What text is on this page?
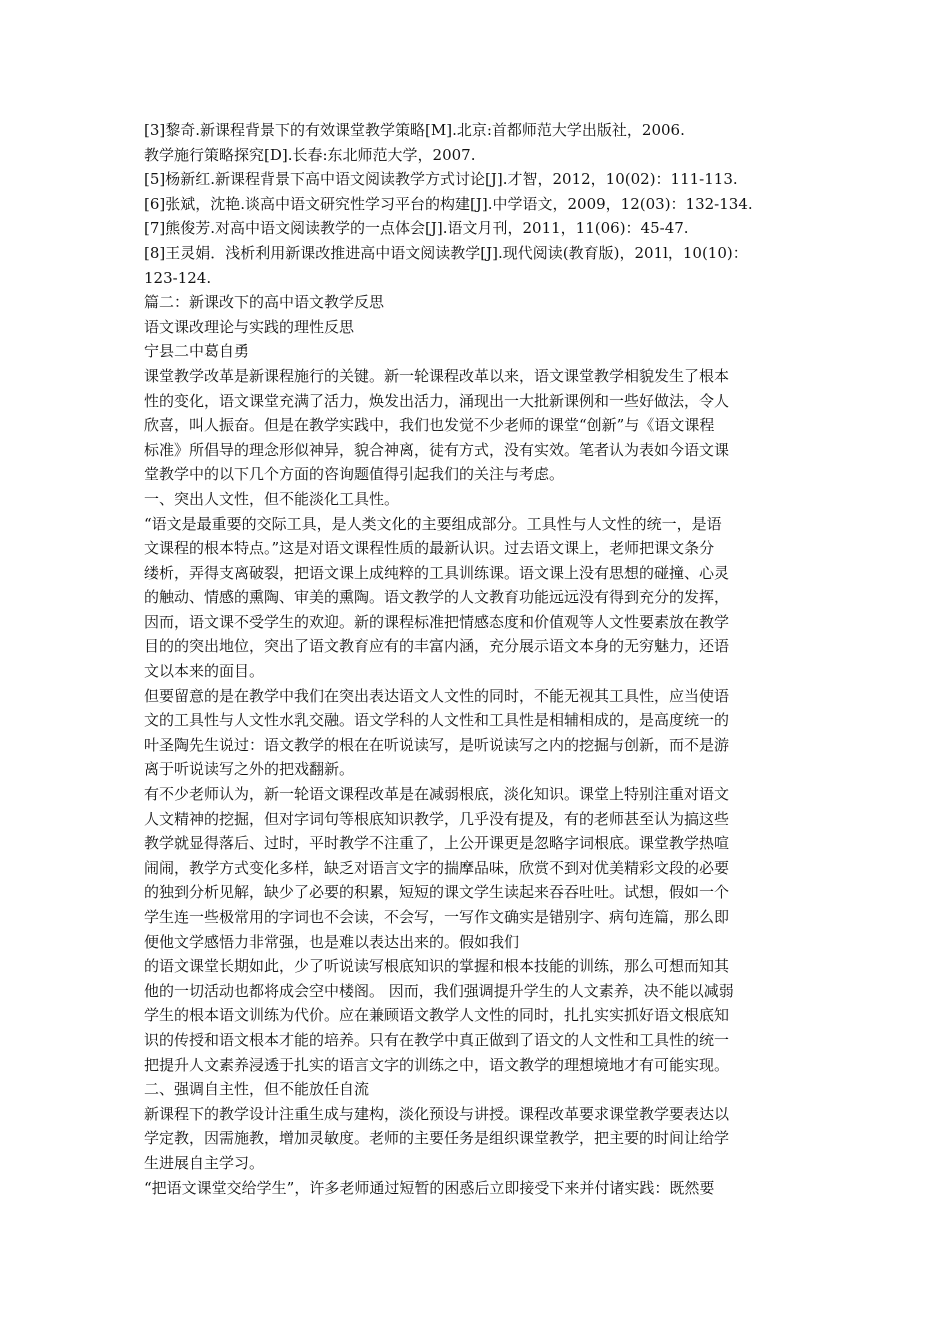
[3]黎奇.新课程背景下的有效课堂教学策略[M].北京:首都师范大学出版社，2006.
教学施行策略探究[D].长春:东北师范大学，2007.
[5]杨新红.新课程背景下高中语文阅读教学方式讨论[J].才智，2012，10(02)：111-113.
[6]张斌，沈艳.谈高中语文研究性学习平台的构建[J].中学语文，2009，12(03)：132-134.
[7]熊俊芳.对高中语文阅读教学的一点体会[J].语文月刊，2011，11(06)：45-47.
[8]王灵娟．浅析利用新课改推进高中语文阅读教学[J].现代阅读(教育版)，201l，10(10)：
123-124.
篇二：新课改下的高中语文教学反思
语文课改理论与实践的理性反思
宁县二中葛自勇
课堂教学改革是新课程施行的关键。新一轮课程改革以来，语文课堂教学相貌发生了根本
性的变化，语文课堂充满了活力，焕发出活力，涌现出一大批新课例和一些好做法，令人
欣喜，叫人振奋。但是在教学实践中，我们也发觉不少老师的课堂“创新”与《语文课程
标准》所倡导的理念形似神异，貌合神离，徒有方式，没有实效。笔者认为表如今语文课
堂教学中的以下几个方面的咨询题值得引起我们的关注与考虑。
一、突出人文性，但不能淡化工具性。
“语文是最重要的交际工具，是人类文化的主要组成部分。工具性与人文性的统一，是语
文课程的根本特点。”这是对语文课程性质的最新认识。过去语文课上，老师把课文条分
缕析，弄得支离破裂，把语文课上成纯粹的工具训练课。语文课上没有思想的碰撞、心灵
的触动、情感的熏陶、审美的熏陶。语文教学的人文教育功能远远没有得到充分的发挥，
因而，语文课不受学生的欢迎。新的课程标准把情感态度和价值观等人文性要素放在教学
目的的突出地位，突出了语文教育应有的丰富内涵，充分展示语文本身的无穷魅力，还语
文以本来的面目。
但要留意的是在教学中我们在突出表达语文人文性的同时，不能无视其工具性，应当使语
文的工具性与人文性水乳交融。语文学科的人文性和工具性是相辅相成的，是高度统一的
叶圣陶先生说过：语文教学的根在在听说读写，是听说读写之内的挖掘与创新，而不是游
离于听说读写之外的把戏翻新。
有不少老师认为，新一轮语文课程改革是在减弱根底，淡化知识。课堂上特别注重对语文
人文精神的挖掘，但对字词句等根底知识教学，几乎没有提及，有的老师甚至认为搞这些
教学就显得落后、过时，平时教学不注重了，上公开课更是忽略字词根底。课堂教学热喧
闹闹，教学方式变化多样，缺乏对语言文字的揣摩品味，欣赏不到对优美精彩文段的必要
的独到分析见解，缺少了必要的积累，短短的课文学生读起来吞吞吐吐。试想，假如一个
学生连一些极常用的字词也不会读，不会写，一写作文确实是错别字、病句连篇，那么即
便他文学感悟力非常强，也是难以表达出来的。假如我们
的语文课堂长期如此，少了听说读写根底知识的掌握和根本技能的训练，那么可想而知其
他的一切活动也都将成会空中楼阁。 因而，我们强调提升学生的人文素养，决不能以减弱
学生的根本语文训练为代价。应在兼顾语文教学人文性的同时，扎扎实实抓好语文根底知
识的传授和语文根本才能的培养。只有在教学中真正做到了语文的人文性和工具性的统一
把提升人文素养浸透于扎实的语言文字的训练之中，语文教学的理想境地才有可能实现。
二、强调自主性，但不能放任自流
新课程下的教学设计注重生成与建构，淡化预设与讲授。课程改革要求课堂教学要表达以
学定教，因需施教，增加灵敏度。老师的主要任务是组织课堂教学，把主要的时间让给学
生进展自主学习。
“把语文课堂交给学生”，许多老师通过短暂的困惑后立即接受下来并付诸实践：既然要
